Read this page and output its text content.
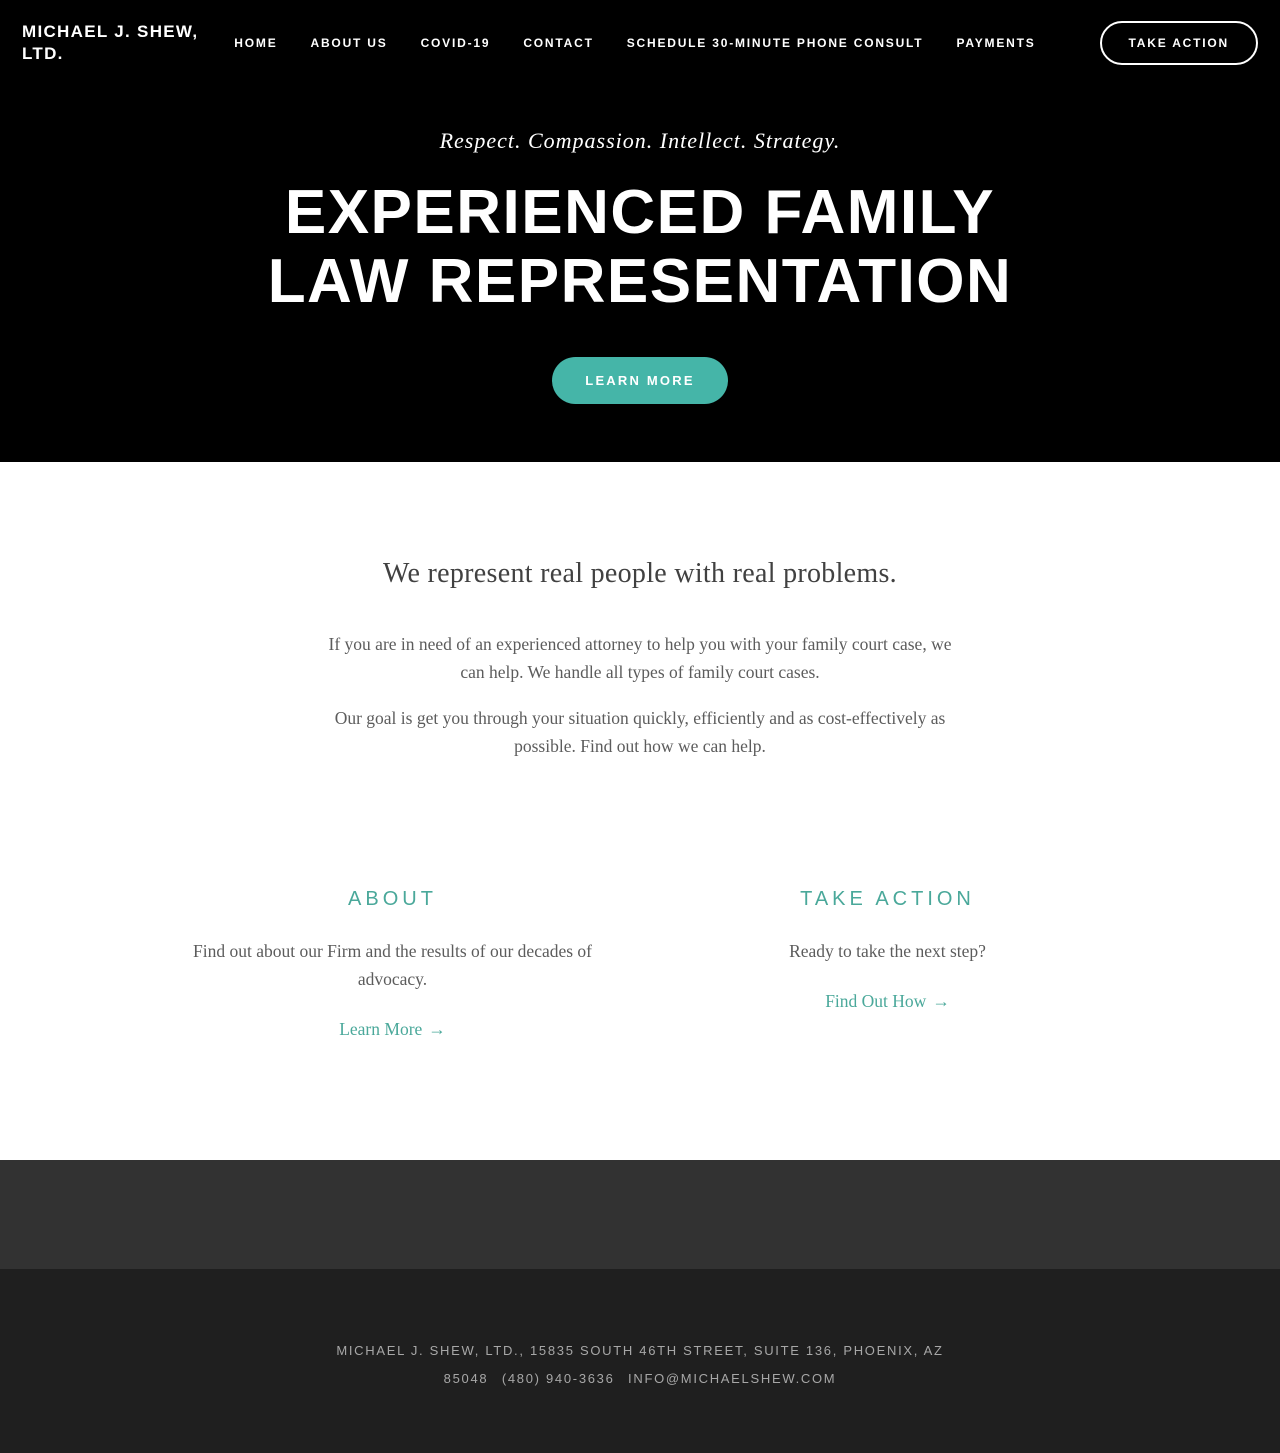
MICHAEL J. SHEW,
LTD.
HOME	ABOUT US	COVID-19	CONTACT	SCHEDULE 30-MINUTE PHONE CONSULT	PAYMENTS	TAKE ACTION
Respect. Compassion. Intellect. Strategy.
EXPERIENCED FAMILY
LAW REPRESENTATION
LEARN MORE
We represent real people with real problems.

If you are in need of an experienced attorney to help you with your family court case, we can help. We handle all types of family court cases.

Our goal is get you through your situation quickly, efficiently and as cost-effectively as possible. Find out how we can help.

ABOUT

Find out about our Firm and the results of our decades of advocacy.

Learn More →
TAKE ACTION

Ready to take the next step?

Find Out How →

MICHAEL J. SHEW, LTD., 15835 SOUTH 46TH STREET, SUITE 136, PHOENIX, AZ 85048  (480) 940-3636  INFO@MICHAELSHEW.COM
